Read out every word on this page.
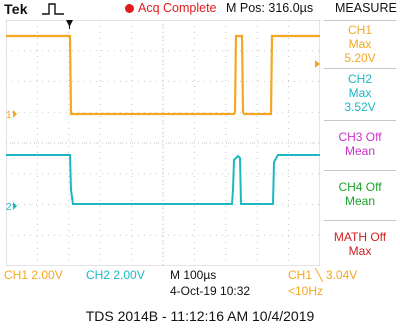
Tek	Acq Complete M Pos: 316.0µs MEASURE
1
2
CH1
Max
5.20V
CH2
Max
3.52V
CH3 Off
Mean
CH4 Off
Mean
MATH Off
Max
CH1 2.00V CH2 2.00V M 100µs	CH1 ╲ 3.04V
4-Oct-19 10:32	<10Hz
TDS 2014B - 11:12:16 AM 10/4/2019
